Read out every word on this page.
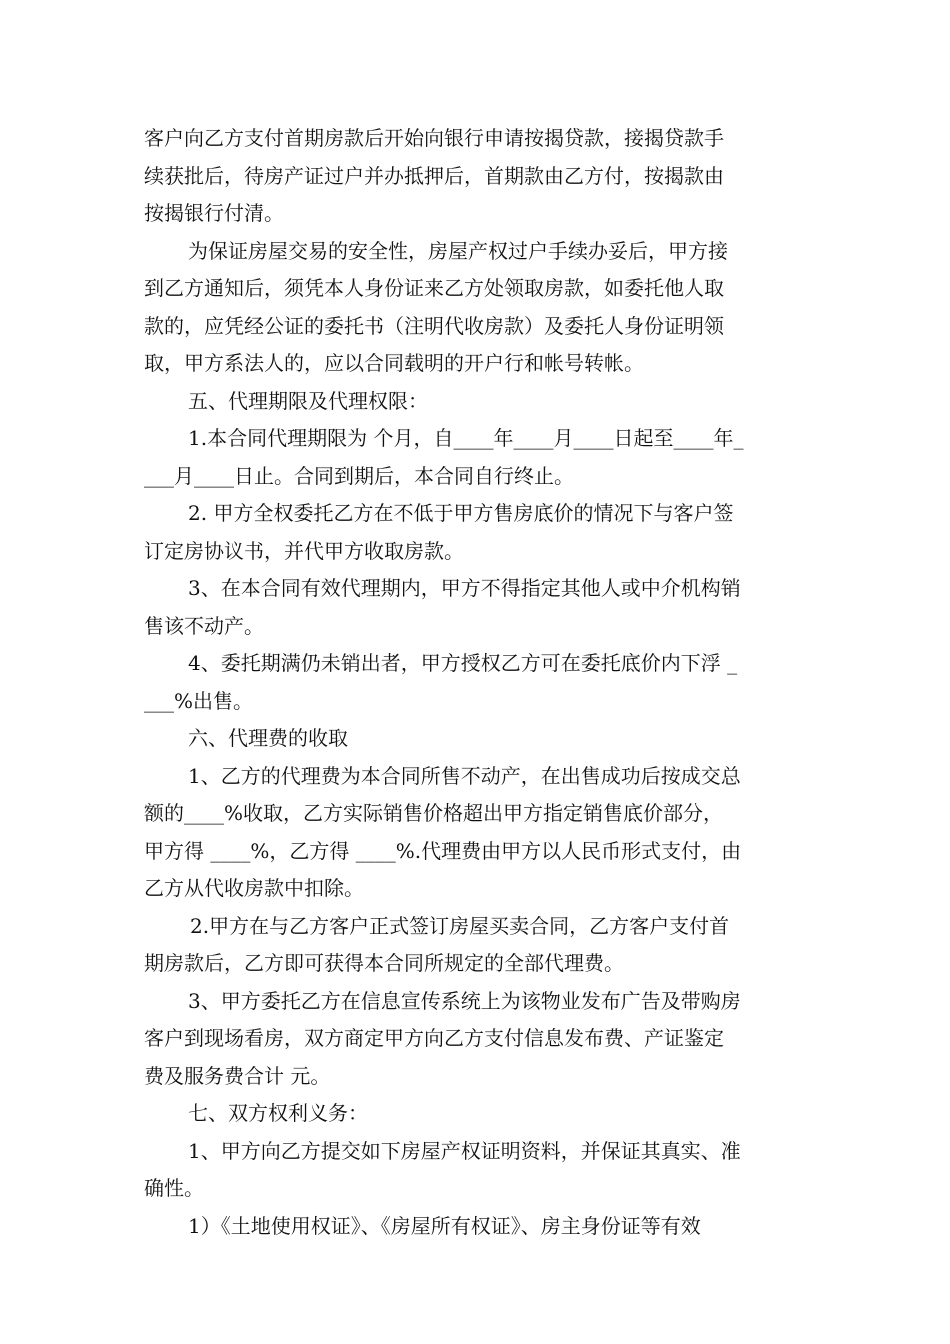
客户向乙方支付首期房款后开始向银行申请按揭贷款，接揭贷款手
续获批后，待房产证过户并办抵押后，首期款由乙方付，按揭款由
按揭银行付清。
为保证房屋交易的安全性，房屋产权过户手续办妥后，甲方接
到乙方通知后，须凭本人身份证来乙方处领取房款，如委托他人取
款的，应凭经公证的委托书（注明代收房款）及委托人身份证明领
取，甲方系法人的，应以合同载明的开户行和帐号转帐。
五、代理期限及代理权限：
1.本合同代理期限为 个月，自____年____月____日起至____年_
___月____日止。合同到期后，本合同自行终止。
2. 甲方全权委托乙方在不低于甲方售房底价的情况下与客户签
订定房协议书，并代甲方收取房款。
3、在本合同有效代理期内，甲方不得指定其他人或中介机构销
售该不动产。
4、委托期满仍未销出者，甲方授权乙方可在委托底价内下浮 _
___%出售。
六、代理费的收取
1、乙方的代理费为本合同所售不动产，在出售成功后按成交总
额的____%收取，乙方实际销售价格超出甲方指定销售底价部分，
甲方得 ____%，乙方得 ____%.代理费由甲方以人民币形式支付，由
乙方从代收房款中扣除。
2.甲方在与乙方客户正式签订房屋买卖合同，乙方客户支付首
期房款后，乙方即可获得本合同所规定的全部代理费。
3、甲方委托乙方在信息宣传系统上为该物业发布广告及带购房
客户到现场看房，双方商定甲方向乙方支付信息发布费、产证鉴定
费及服务费合计 元。
七、双方权利义务：
1、甲方向乙方提交如下房屋产权证明资料，并保证其真实、准
确性。
1）《土地使用权证》、《房屋所有权证》、房主身份证等有效
